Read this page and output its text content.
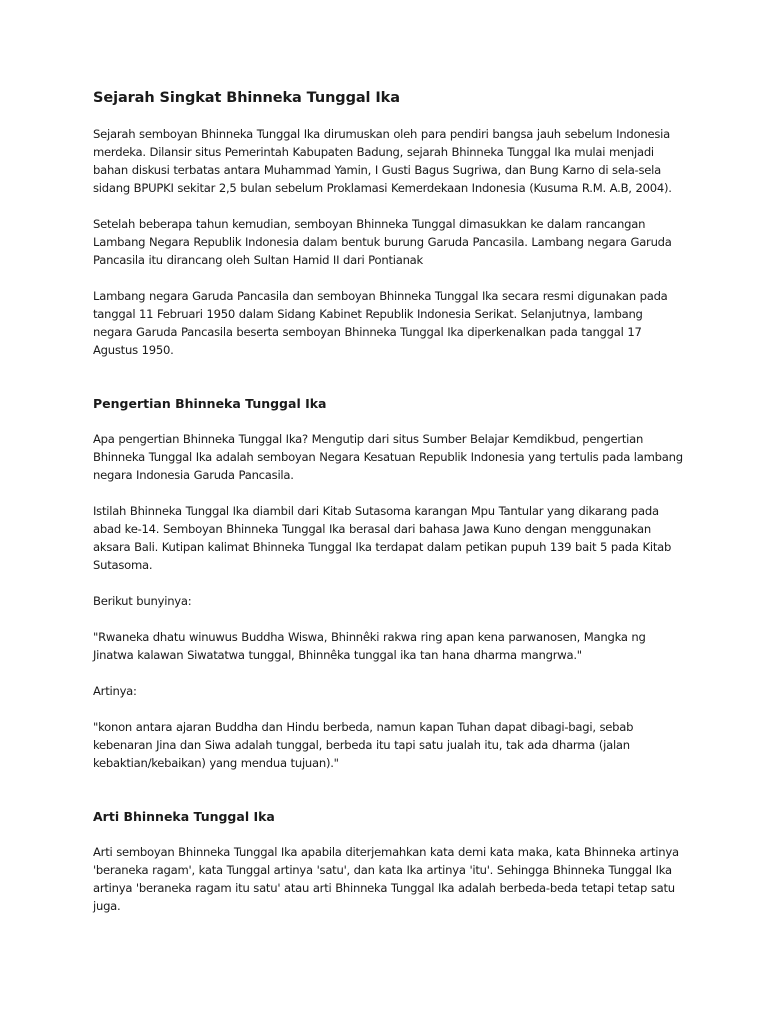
Sejarah Singkat Bhinneka Tunggal Ika

Sejarah semboyan Bhinneka Tunggal Ika dirumuskan oleh para pendiri bangsa jauh sebelum Indonesia merdeka. Dilansir situs Pemerintah Kabupaten Badung, sejarah Bhinneka Tunggal Ika mulai menjadi bahan diskusi terbatas antara Muhammad Yamin, I Gusti Bagus Sugriwa, dan Bung Karno di sela-sela sidang BPUPKI sekitar 2,5 bulan sebelum Proklamasi Kemerdekaan Indonesia (Kusuma R.M. A.B, 2004).

Setelah beberapa tahun kemudian, semboyan Bhinneka Tunggal dimasukkan ke dalam rancangan Lambang Negara Republik Indonesia dalam bentuk burung Garuda Pancasila. Lambang negara Garuda Pancasila itu dirancang oleh Sultan Hamid II dari Pontianak

Lambang negara Garuda Pancasila dan semboyan Bhinneka Tunggal Ika secara resmi digunakan pada tanggal 11 Februari 1950 dalam Sidang Kabinet Republik Indonesia Serikat. Selanjutnya, lambang negara Garuda Pancasila beserta semboyan Bhinneka Tunggal Ika diperkenalkan pada tanggal 17 Agustus 1950.

Pengertian Bhinneka Tunggal Ika

Apa pengertian Bhinneka Tunggal Ika? Mengutip dari situs Sumber Belajar Kemdikbud, pengertian Bhinneka Tunggal Ika adalah semboyan Negara Kesatuan Republik Indonesia yang tertulis pada lambang negara Indonesia Garuda Pancasila.

Istilah Bhinneka Tunggal Ika diambil dari Kitab Sutasoma karangan Mpu Tantular yang dikarang pada abad ke-14. Semboyan Bhinneka Tunggal Ika berasal dari bahasa Jawa Kuno dengan menggunakan aksara Bali. Kutipan kalimat Bhinneka Tunggal Ika terdapat dalam petikan pupuh 139 bait 5 pada Kitab Sutasoma.

Berikut bunyinya:

"Rwaneka dhatu winuwus Buddha Wiswa, Bhinnêki rakwa ring apan kena parwanosen, Mangka ng Jinatwa kalawan Siwatatwa tunggal, Bhinnêka tunggal ika tan hana dharma mangrwa."

Artinya:

"konon antara ajaran Buddha dan Hindu berbeda, namun kapan Tuhan dapat dibagi-bagi, sebab kebenaran Jina dan Siwa adalah tunggal, berbeda itu tapi satu jualah itu, tak ada dharma (jalan kebaktian/kebaikan) yang mendua tujuan)."

Arti Bhinneka Tunggal Ika

Arti semboyan Bhinneka Tunggal Ika apabila diterjemahkan kata demi kata maka, kata Bhinneka artinya 'beraneka ragam', kata Tunggal artinya 'satu', dan kata Ika artinya 'itu'. Sehingga Bhinneka Tunggal Ika artinya 'beraneka ragam itu satu' atau arti Bhinneka Tunggal Ika adalah berbeda-beda tetapi tetap satu juga.
